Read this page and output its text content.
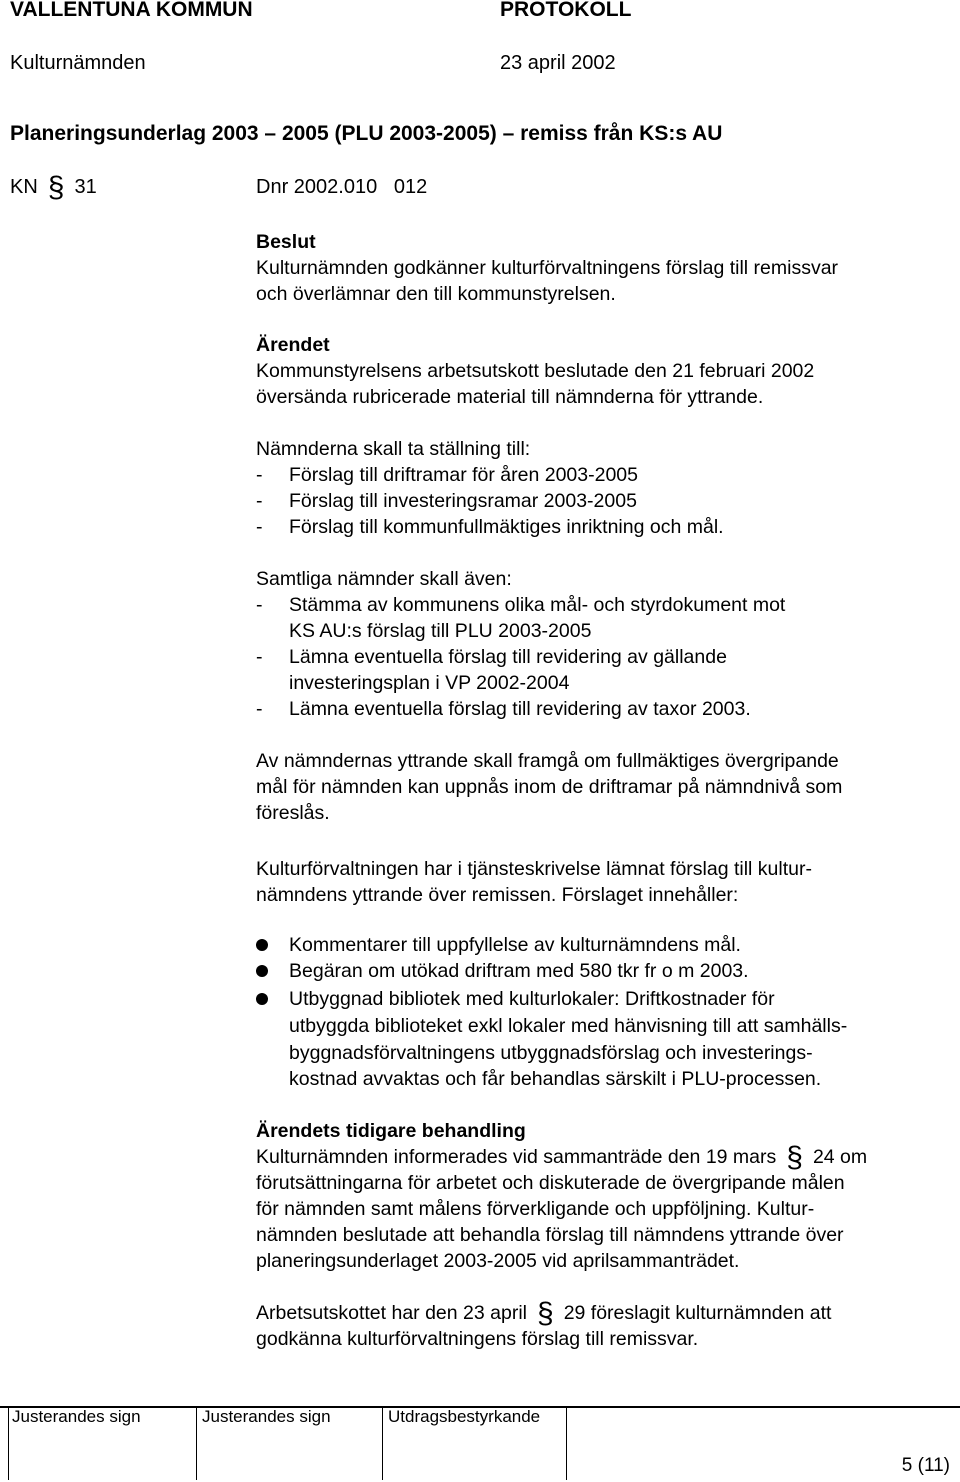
VALLENTUNA KOMMUN	PROTOKOLL
Kulturnämnden	23 april 2002
Planeringsunderlag 2003 – 2005 (PLU 2003-2005) – remiss från KS:s AU
KN § 31	Dnr 2002.010   012
Beslut
Kulturnämnden godkänner kulturförvaltningens förslag till remissvar
och överlämnar den till kommunstyrelsen.
Ärendet
Kommunstyrelsens arbetsutskott beslutade den 21 februari 2002
översända rubricerade material till nämnderna för yttrande.
Nämnderna skall ta ställning till:
- Förslag till driftramar för åren 2003-2005
- Förslag till investeringsramar 2003-2005
- Förslag till kommunfullmäktiges inriktning och mål.
Samtliga nämnder skall även:
- Stämma av kommunens olika mål- och styrdokument mot
KS AU:s förslag till PLU 2003-2005
- Lämna eventuella förslag till revidering av gällande
investeringsplan i VP 2002-2004
- Lämna eventuella förslag till revidering av taxor 2003.
Av nämndernas yttrande skall framgå om fullmäktiges övergripande
mål för nämnden kan uppnås inom de driftramar på nämndnivå som
föreslås.
Kulturförvaltningen har i tjänsteskrivelse lämnat förslag till kultur-
nämndens yttrande över remissen. Förslaget innehåller:
Kommentarer till uppfyllelse av kulturnämndens mål.
Begäran om utökad driftram med 580 tkr fr o m 2003.
Utbyggnad bibliotek med kulturlokaler: Driftkostnader för
utbyggda biblioteket exkl lokaler med hänvisning till att samhälls-
byggnadsförvaltningens utbyggnadsförslag och investerings-
kostnad avvaktas och får behandlas särskilt i PLU-processen.
Ärendets tidigare behandling
Kulturnämnden informerades vid sammanträde den 19 mars § 24 om
förutsättningarna för arbetet och diskuterade de övergripande målen
för nämnden samt målens förverkligande och uppföljning. Kultur-
nämnden beslutade att behandla förslag till nämndens yttrande över
planeringsunderlaget 2003-2005 vid aprilsammanträdet.
Arbetsutskottet har den 23 april § 29 föreslagit kulturnämnden att
godkänna kulturförvaltningens förslag till remissvar.
Justerandes sign	Justerandes sign	Utdragsbestyrkande
5 (11)
